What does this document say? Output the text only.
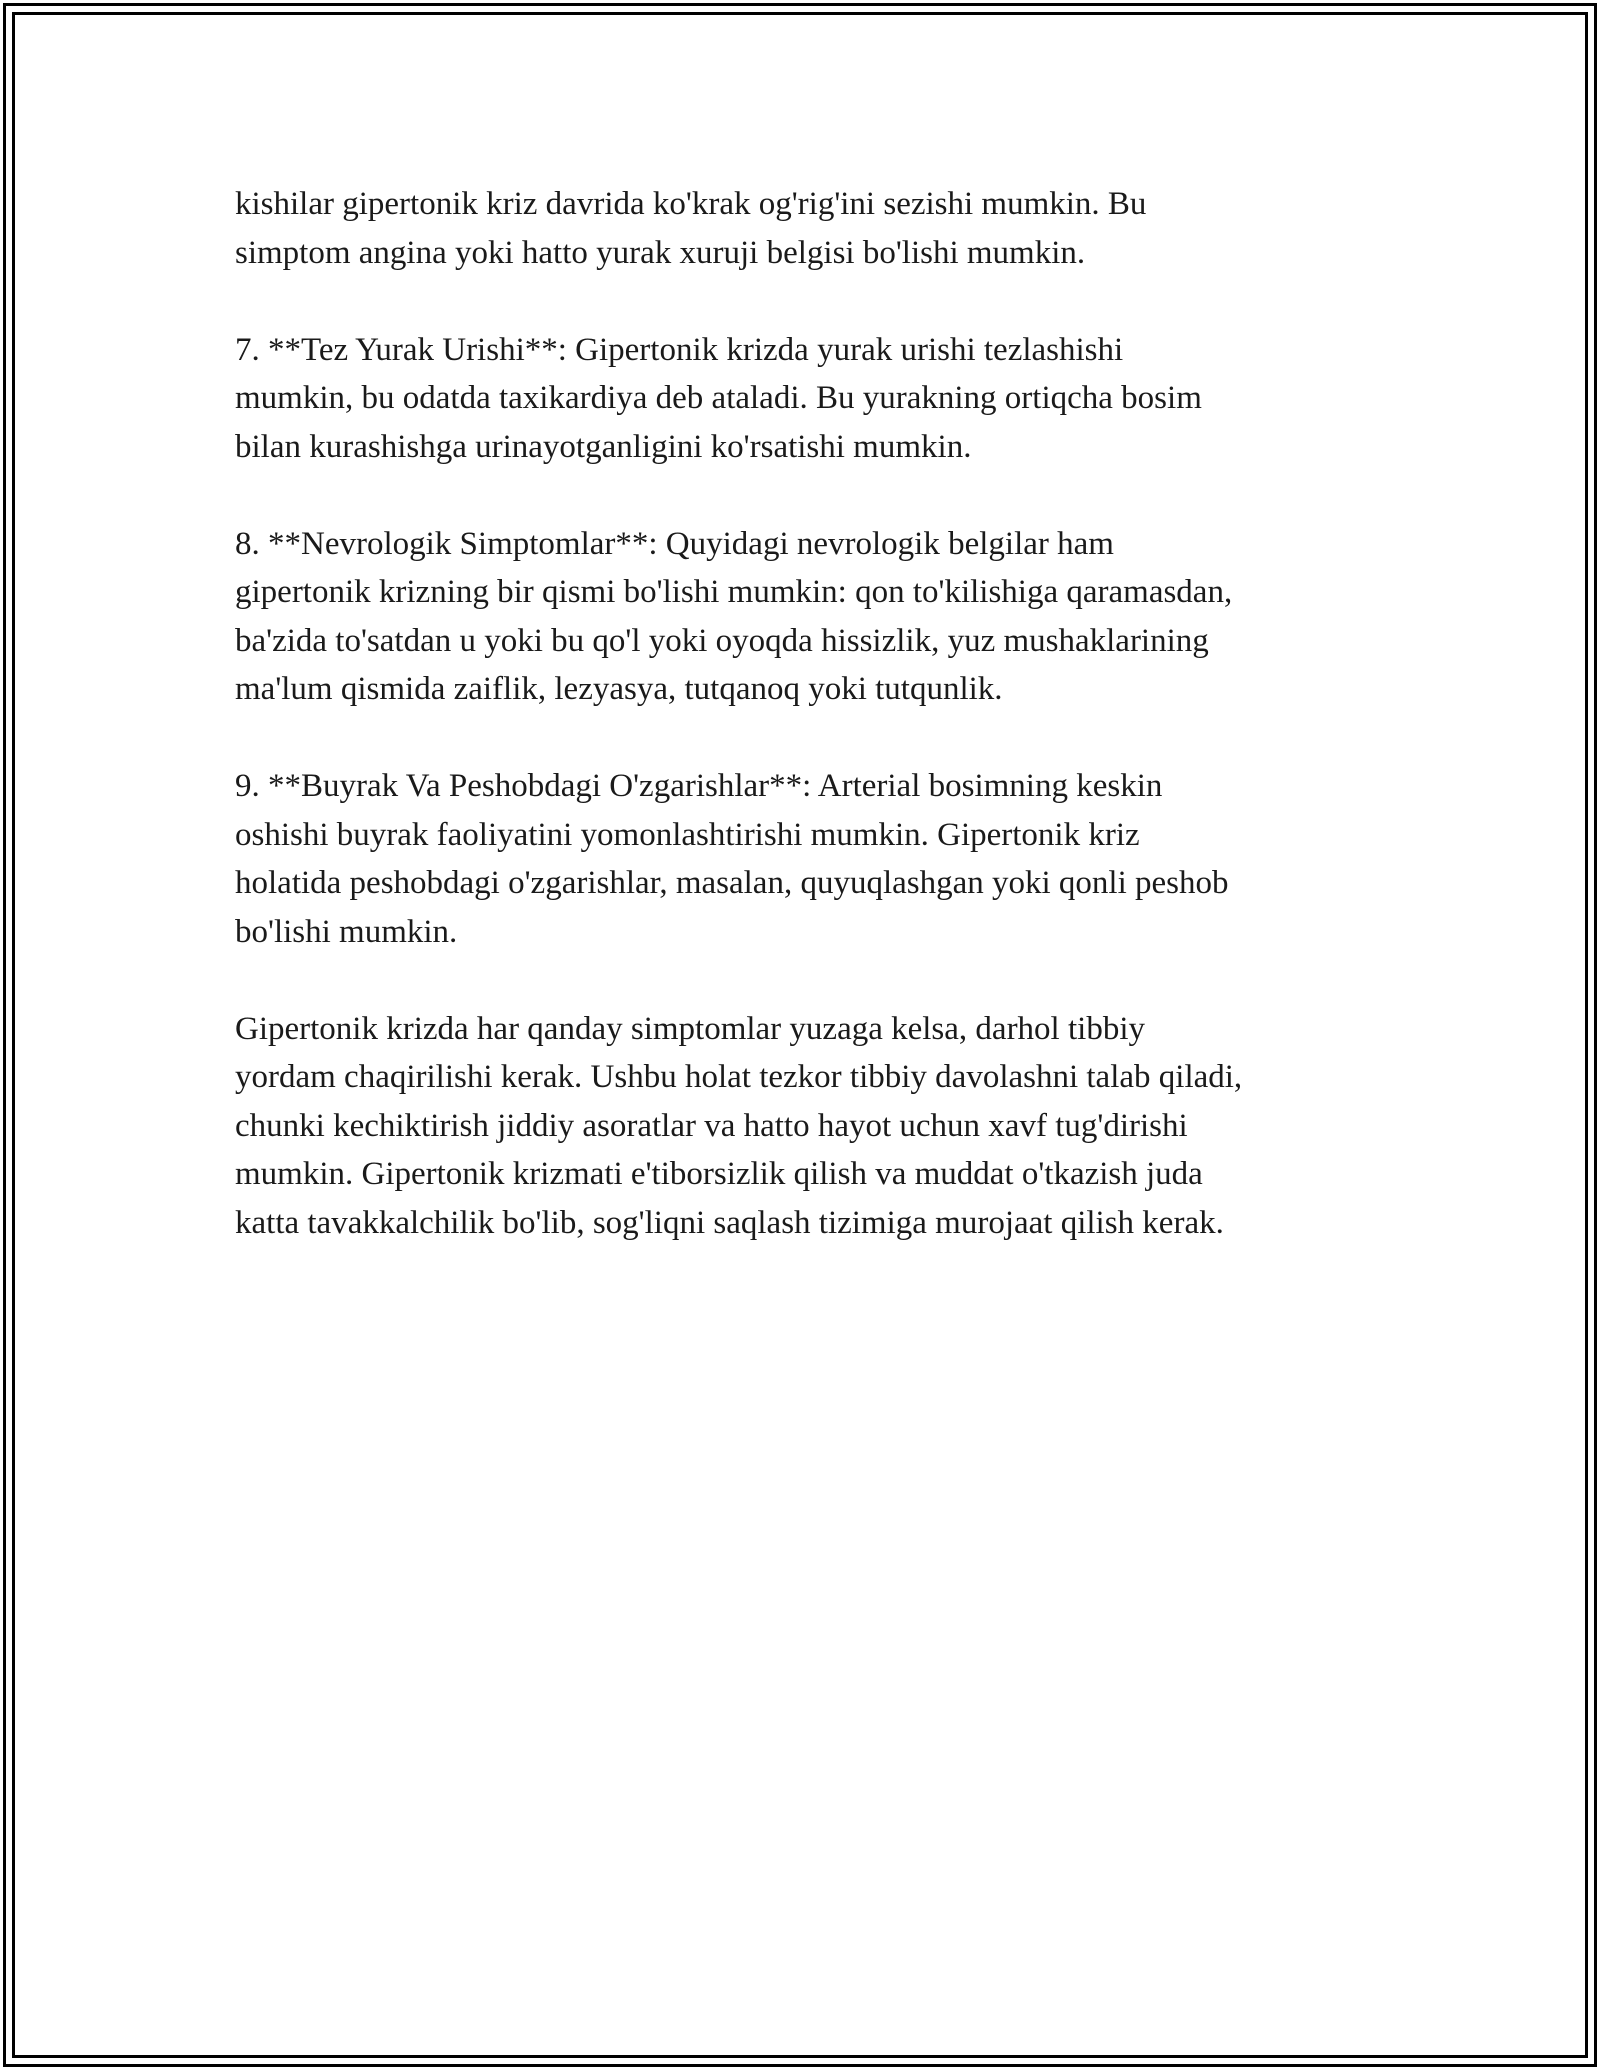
kishilar gipertonik kriz davrida ko'krak og'rig'ini sezishi mumkin. Bu
simptom angina yoki hatto yurak xuruji belgisi bo'lishi mumkin.

7. **Tez Yurak Urishi**: Gipertonik krizda yurak urishi tezlashishi
mumkin, bu odatda taxikardiya deb ataladi. Bu yurakning ortiqcha bosim
bilan kurashishga urinayotganligini ko'rsatishi mumkin.

8. **Nevrologik Simptomlar**: Quyidagi nevrologik belgilar ham
gipertonik krizning bir qismi bo'lishi mumkin: qon to'kilishiga qaramasdan,
ba'zida to'satdan u yoki bu qo'l yoki oyoqda hissizlik, yuz mushaklarining
ma'lum qismida zaiflik, lezyasya, tutqanoq yoki tutqunlik.

9. **Buyrak Va Peshobdagi O'zgarishlar**: Arterial bosimning keskin
oshishi buyrak faoliyatini yomonlashtirishi mumkin. Gipertonik kriz
holatida peshobdagi o'zgarishlar, masalan, quyuqlashgan yoki qonli peshob
bo'lishi mumkin.

Gipertonik krizda har qanday simptomlar yuzaga kelsa, darhol tibbiy
yordam chaqirilishi kerak. Ushbu holat tezkor tibbiy davolashni talab qiladi,
chunki kechiktirish jiddiy asoratlar va hatto hayot uchun xavf tug'dirishi
mumkin. Gipertonik krizmati e'tiborsizlik qilish va muddat o'tkazish juda
katta tavakkalchilik bo'lib, sog'liqni saqlash tizimiga murojaat qilish kerak.
